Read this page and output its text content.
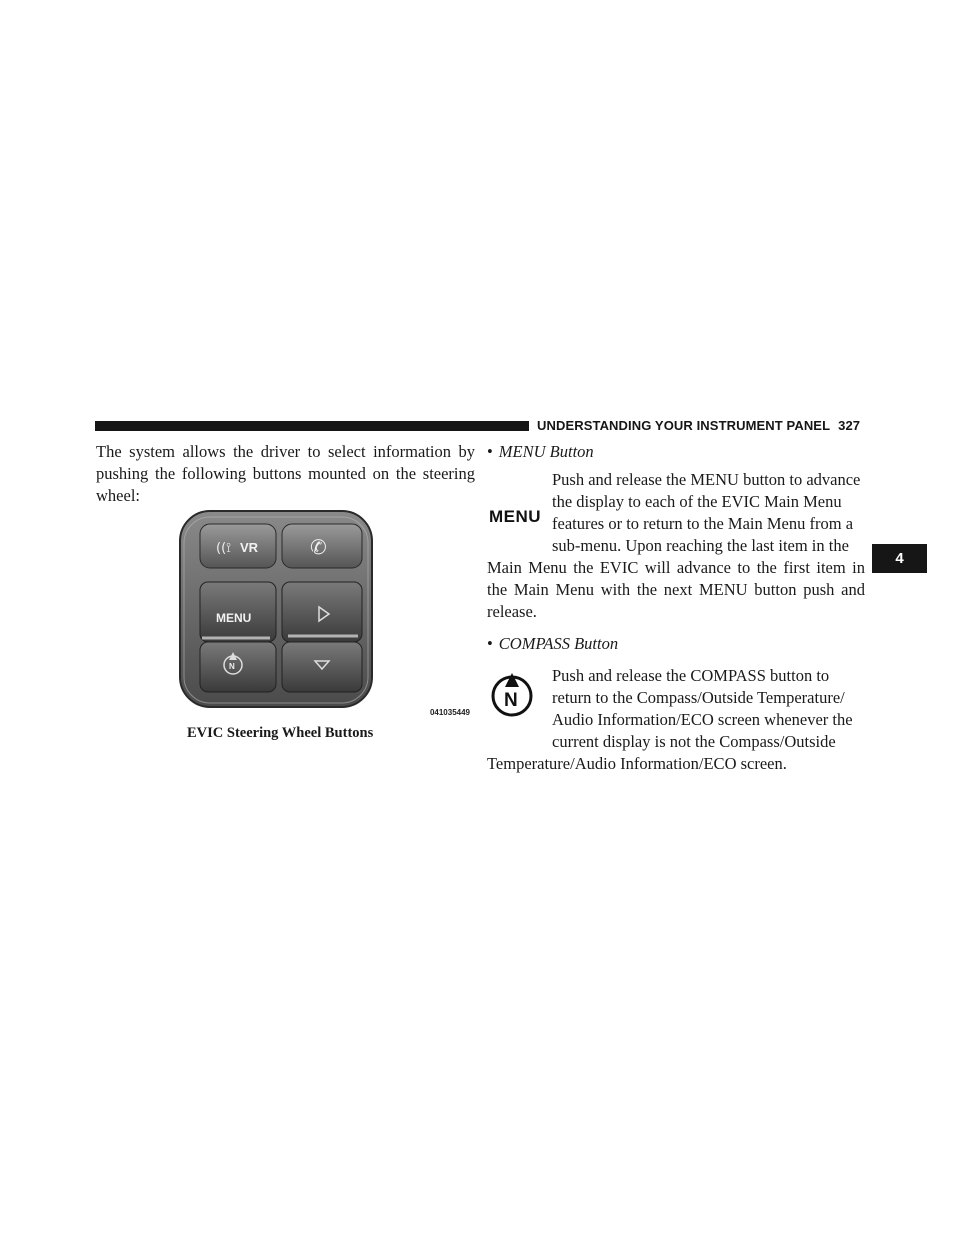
UNDERSTANDING YOUR INSTRUMENT PANEL 327
4

The system allows the driver to select information by pushing the following buttons mounted on the steering wheel:

((⟟ VR	✆
MENU
N
041035449
EVIC Steering Wheel Buttons

• MENU Button

MENU

Push and release the MENU button to advance
the display to each of the EVIC Main Menu
features or to return to the Main Menu from a
sub-menu. Upon reaching the last item in the
Main Menu the EVIC will advance to the first item in the Main Menu with the next MENU button push and release.

• COMPASS Button

N

Push and release the COMPASS button to
return to the Compass/Outside Temperature/
Audio Information/ECO screen whenever the
current display is not the Compass/Outside
Temperature/Audio Information/ECO screen.
